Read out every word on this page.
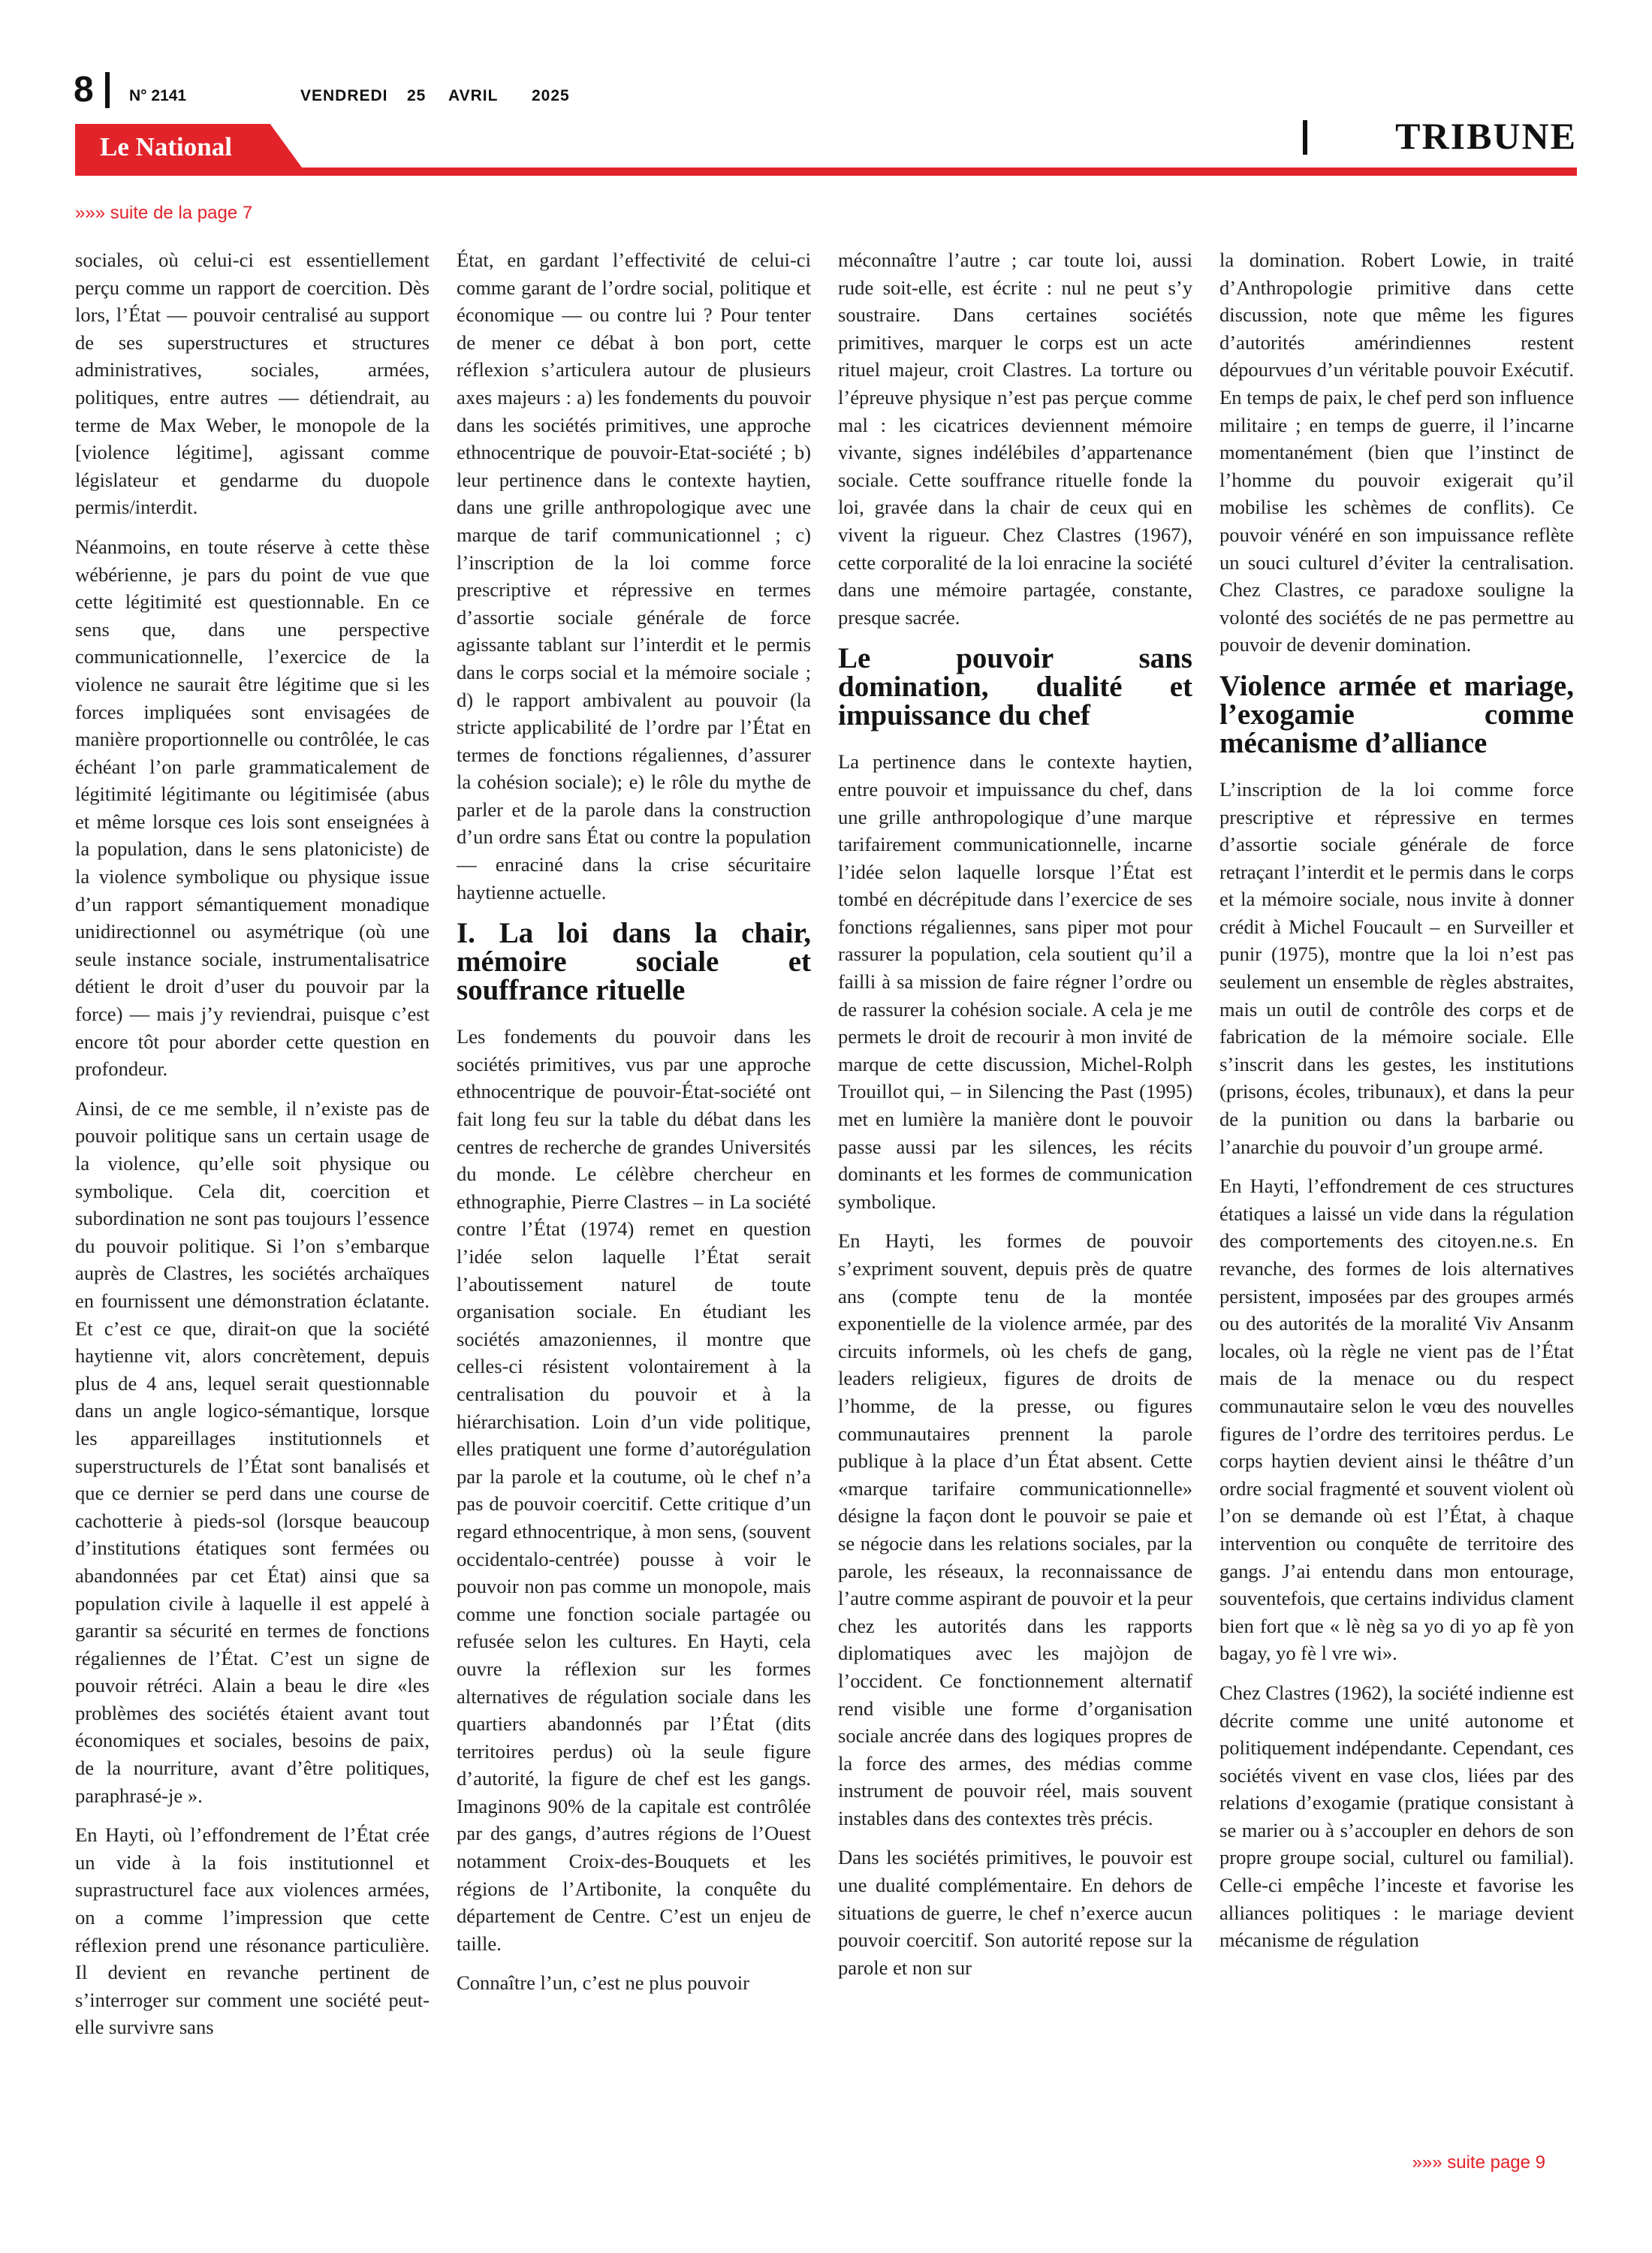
8 N° 2141	VENDREDI 25 AVRIL 2025
TRIBUNE
Le National
»»» suite de la page 7

sociales, où celui-ci est essentiellement perçu comme un rapport de coercition. Dès lors, l’État — pouvoir centralisé au support de ses superstructures et structures administratives, sociales, armées, politiques, entre autres — détiendrait, au terme de Max Weber, le monopole de la [violence légitime], agissant comme législateur et gendarme du duopole permis/interdit.

Néanmoins, en toute réserve à cette thèse wébérienne, je pars du point de vue que cette légitimité est questionnable. En ce sens que, dans une perspective communicationnelle, l’exercice de la violence ne saurait être légitime que si les forces impliquées sont envisagées de manière proportionnelle ou contrôlée, le cas échéant l’on parle grammaticalement de légitimité légitimante ou légitimisée (abus et même lorsque ces lois sont enseignées à la population, dans le sens platoniciste) de la violence symbolique ou physique issue d’un rapport sémantiquement monadique unidirectionnel ou asymétrique (où une seule instance sociale, instrumentalisatrice détient le droit d’user du pouvoir par la force) — mais j’y reviendrai, puisque c’est encore tôt pour aborder cette question en profondeur.

Ainsi, de ce me semble, il n’existe pas de pouvoir politique sans un certain usage de la violence, qu’elle soit physique ou symbolique. Cela dit, coercition et subordination ne sont pas toujours l’essence du pouvoir politique. Si l’on s’embarque auprès de Clastres, les sociétés archaïques en fournissent une démonstration éclatante. Et c’est ce que, dirait-on que la société haytienne vit, alors concrètement, depuis plus de 4 ans, lequel serait questionnable dans un angle logico-sémantique, lorsque les appareillages institutionnels et superstructurels de l’État sont banalisés et que ce dernier se perd dans une course de cachotterie à pieds-sol (lorsque beaucoup d’institutions étatiques sont fermées ou abandonnées par cet État) ainsi que sa population civile à laquelle il est appelé à garantir sa sécurité en termes de fonctions régaliennes de l’État. C’est un signe de pouvoir rétréci. Alain a beau le dire «les problèmes des sociétés étaient avant tout économiques et sociales, besoins de paix, de la nourriture, avant d’être politiques, paraphrasé-je ».

En Hayti, où l’effondrement de l’État crée un vide à la fois institutionnel et suprastructurel face aux violences armées, on a comme l’impression que cette réflexion prend une résonance particulière. Il devient en revanche pertinent de s’interroger sur comment une société peut-elle survivre sans

État, en gardant l’effectivité de celui-ci comme garant de l’ordre social, politique et économique — ou contre lui ? Pour tenter de mener ce débat à bon port, cette réflexion s’articulera autour de plusieurs axes majeurs : a) les fondements du pouvoir dans les sociétés primitives, une approche ethnocentrique de pouvoir-Etat-société ; b) leur pertinence dans le contexte haytien, dans une grille anthropologique avec une marque de tarif communicationnel ; c) l’inscription de la loi comme force prescriptive et répressive en termes d’assortie sociale générale de force agissante tablant sur l’interdit et le permis dans le corps social et la mémoire sociale ; d) le rapport ambivalent au pouvoir (la stricte applicabilité de l’ordre par l’État en termes de fonctions régaliennes, d’assurer la cohésion sociale); e) le rôle du mythe de parler et de la parole dans la construction d’un ordre sans État ou contre la population — enraciné dans la crise sécuritaire haytienne actuelle.

I. La loi dans la chair, mémoire sociale et souffrance rituelle

Les fondements du pouvoir dans les sociétés primitives, vus par une approche ethnocentrique de pouvoir-État-société ont fait long feu sur la table du débat dans les centres de recherche de grandes Universités du monde. Le célèbre chercheur en ethnographie, Pierre Clastres – in La société contre l’État (1974) remet en question l’idée selon laquelle l’État serait l’aboutissement naturel de toute organisation sociale. En étudiant les sociétés amazoniennes, il montre que celles-ci résistent volontairement à la centralisation du pouvoir et à la hiérarchisation. Loin d’un vide politique, elles pratiquent une forme d’autorégulation par la parole et la coutume, où le chef n’a pas de pouvoir coercitif. Cette critique d’un regard ethnocentrique, à mon sens, (souvent occidentalo-centrée) pousse à voir le pouvoir non pas comme un monopole, mais comme une fonction sociale partagée ou refusée selon les cultures. En Hayti, cela ouvre la réflexion sur les formes alternatives de régulation sociale dans les quartiers abandonnés par l’État (dits territoires perdus) où la seule figure d’autorité, la figure de chef est les gangs. Imaginons 90% de la capitale est contrôlée par des gangs, d’autres régions de l’Ouest notamment Croix-des-Bouquets et les régions de l’Artibonite, la conquête du département de Centre. C’est un enjeu de taille.

Connaître l’un, c’est ne plus pouvoir

méconnaître l’autre ; car toute loi, aussi rude soit-elle, est écrite : nul ne peut s’y soustraire. Dans certaines sociétés primitives, marquer le corps est un acte rituel majeur, croit Clastres. La torture ou l’épreuve physique n’est pas perçue comme mal : les cicatrices deviennent mémoire vivante, signes indélébiles d’appartenance sociale. Cette souffrance rituelle fonde la loi, gravée dans la chair de ceux qui en vivent la rigueur. Chez Clastres (1967), cette corporalité de la loi enracine la société dans une mémoire partagée, constante, presque sacrée.

Le pouvoir sans domination, dualité et impuissance du chef

La pertinence dans le contexte haytien, entre pouvoir et impuissance du chef, dans une grille anthropologique d’une marque tarifairement communicationnelle, incarne l’idée selon laquelle lorsque l’État est tombé en décrépitude dans l’exercice de ses fonctions régaliennes, sans piper mot pour rassurer la population, cela soutient qu’il a failli à sa mission de faire régner l’ordre ou de rassurer la cohésion sociale. A cela je me permets le droit de recourir à mon invité de marque de cette discussion, Michel-Rolph Trouillot qui, – in Silencing the Past (1995) met en lumière la manière dont le pouvoir passe aussi par les silences, les récits dominants et les formes de communication symbolique.

En Hayti, les formes de pouvoir s’expriment souvent, depuis près de quatre ans (compte tenu de la montée exponentielle de la violence armée, par des circuits informels, où les chefs de gang, leaders religieux, figures de droits de l’homme, de la presse, ou figures communautaires prennent la parole publique à la place d’un État absent. Cette «marque tarifaire communicationnelle» désigne la façon dont le pouvoir se paie et se négocie dans les relations sociales, par la parole, les réseaux, la reconnaissance de l’autre comme aspirant de pouvoir et la peur chez les autorités dans les rapports diplomatiques avec les majòjon de l’occident. Ce fonctionnement alternatif rend visible une forme d’organisation sociale ancrée dans des logiques propres de la force des armes, des médias comme instrument de pouvoir réel, mais souvent instables dans des contextes très précis.

Dans les sociétés primitives, le pouvoir est une dualité complémentaire. En dehors de situations de guerre, le chef n’exerce aucun pouvoir coercitif. Son autorité repose sur la parole et non sur

la domination. Robert Lowie, in traité d’Anthropologie primitive dans cette discussion, note que même les figures d’autorités amérindiennes restent dépourvues d’un véritable pouvoir Exécutif. En temps de paix, le chef perd son influence militaire ; en temps de guerre, il l’incarne momentanément (bien que l’instinct de l’homme du pouvoir exigerait qu’il mobilise les schèmes de conflits). Ce pouvoir vénéré en son impuissance reflète un souci culturel d’éviter la centralisation. Chez Clastres, ce paradoxe souligne la volonté des sociétés de ne pas permettre au pouvoir de devenir domination.

Violence armée et mariage, l’exogamie comme mécanisme d’alliance

L’inscription de la loi comme force prescriptive et répressive en termes d’assortie sociale générale de force retraçant l’interdit et le permis dans le corps et la mémoire sociale, nous invite à donner crédit à Michel Foucault – en Surveiller et punir (1975), montre que la loi n’est pas seulement un ensemble de règles abstraites, mais un outil de contrôle des corps et de fabrication de la mémoire sociale. Elle s’inscrit dans les gestes, les institutions (prisons, écoles, tribunaux), et dans la peur de la punition ou dans la barbarie ou l’anarchie du pouvoir d’un groupe armé.

En Hayti, l’effondrement de ces structures étatiques a laissé un vide dans la régulation des comportements des citoyen.ne.s. En revanche, des formes de lois alternatives persistent, imposées par des groupes armés ou des autorités de la moralité Viv Ansanm locales, où la règle ne vient pas de l’État mais de la menace ou du respect communautaire selon le vœu des nouvelles figures de l’ordre des territoires perdus. Le corps haytien devient ainsi le théâtre d’un ordre social fragmenté et souvent violent où l’on se demande où est l’État, à chaque intervention ou conquête de territoire des gangs. J’ai entendu dans mon entourage, souventefois, que certains individus clament bien fort que « lè nèg sa yo di yo ap fè yon bagay, yo fè l vre wi».

Chez Clastres (1962), la société indienne est décrite comme une unité autonome et politiquement indépendante. Cependant, ces sociétés vivent en vase clos, liées par des relations d’exogamie (pratique consistant à se marier ou à s’accoupler en dehors de son propre groupe social, culturel ou familial). Celle-ci empêche l’inceste et favorise les alliances politiques : le mariage devient mécanisme de régulation

»»» suite page 9
